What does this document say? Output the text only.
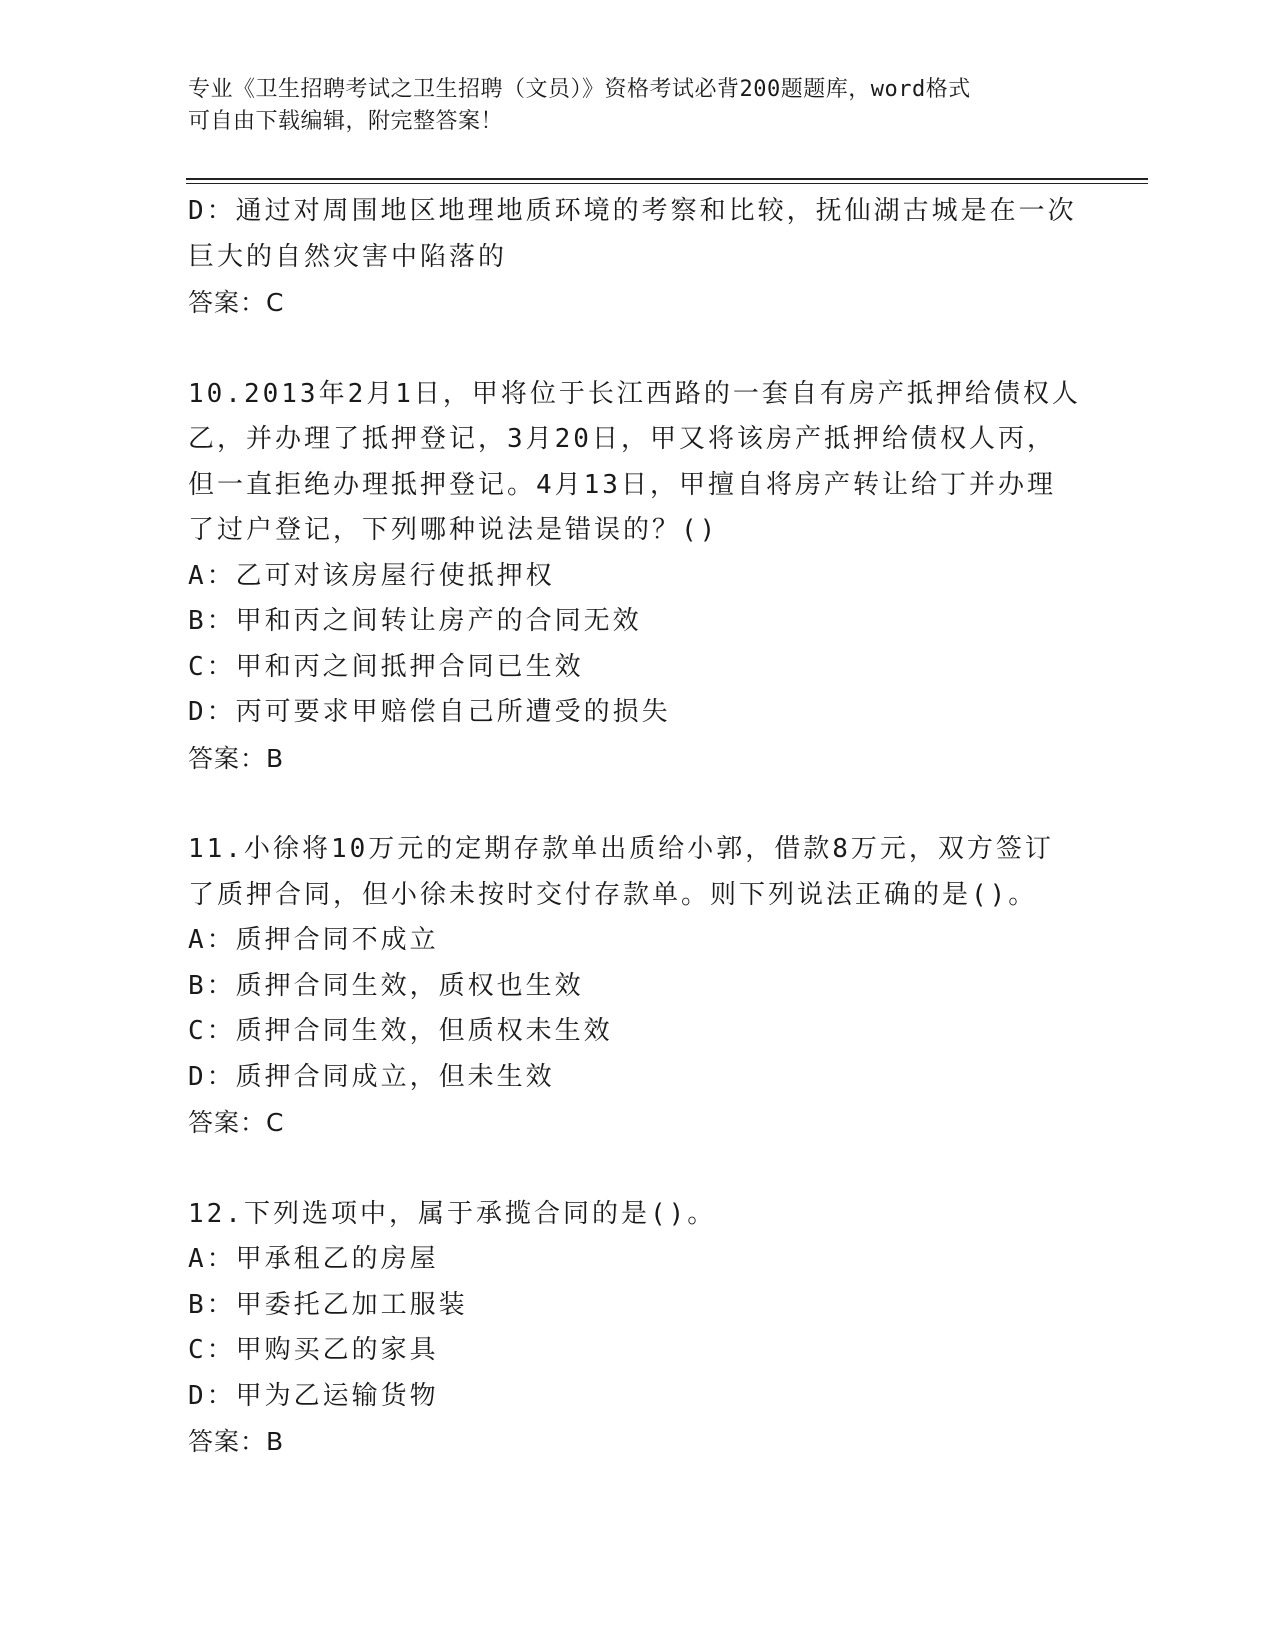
专业《卫生招聘考试之卫生招聘（文员）》资格考试必背200题题库，word格式
可自由下载编辑，附完整答案！
D：通过对周围地区地理地质环境的考察和比较，抚仙湖古城是在一次
巨大的自然灾害中陷落的
答案：C
10.2013年2月1日，甲将位于长江西路的一套自有房产抵押给债权人
乙，并办理了抵押登记，3月20日，甲又将该房产抵押给债权人丙，
但一直拒绝办理抵押登记。4月13日，甲擅自将房产转让给丁并办理
了过户登记，下列哪种说法是错误的？()
A：乙可对该房屋行使抵押权
B：甲和丙之间转让房产的合同无效
C：甲和丙之间抵押合同已生效
D：丙可要求甲赔偿自己所遭受的损失
答案：B
11.小徐将10万元的定期存款单出质给小郭，借款8万元，双方签订
了质押合同，但小徐未按时交付存款单。则下列说法正确的是()。
A：质押合同不成立
B：质押合同生效，质权也生效
C：质押合同生效，但质权未生效
D：质押合同成立，但未生效
答案：C
12.下列选项中，属于承揽合同的是()。
A：甲承租乙的房屋
B：甲委托乙加工服装
C：甲购买乙的家具
D：甲为乙运输货物
答案：B
